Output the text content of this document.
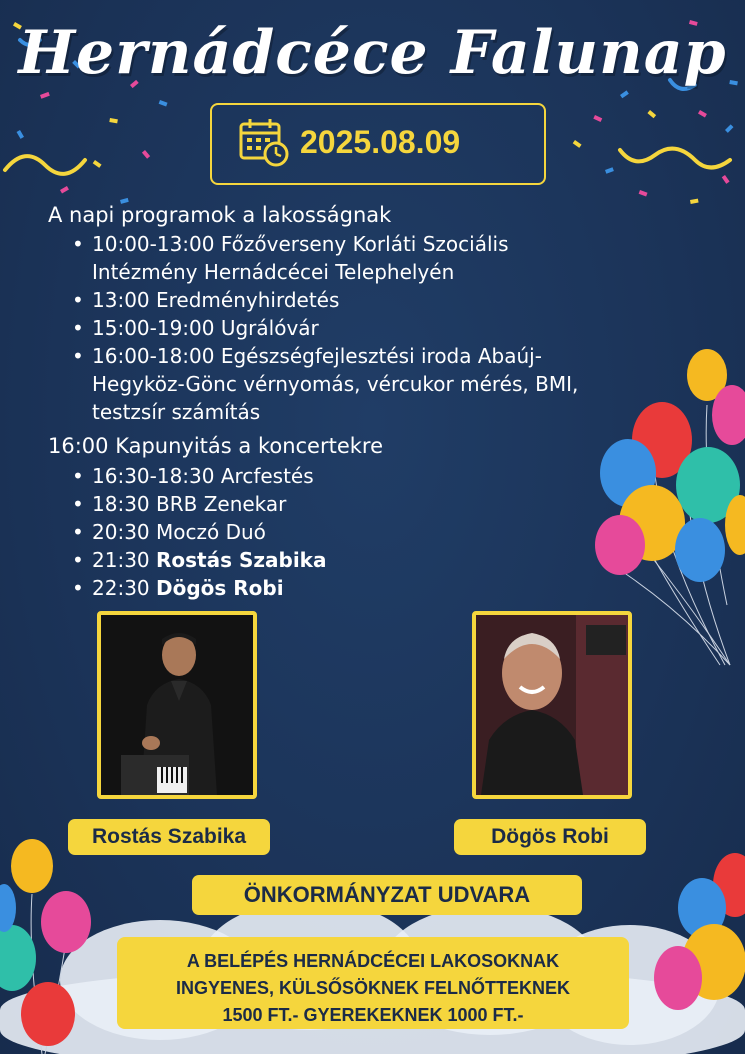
Hernádcéce Falunap
2025.08.09
A napi programok a lakosságnak
• 10:00-13:00 Főzőverseny Korláti Szociális
Intézmény Hernádcécei Telephelyén
• 13:00 Eredményhirdetés
• 15:00-19:00 Ugrálóvár
• 16:00-18:00 Egészségfejlesztési iroda Abaúj-
Hegyköz-Gönc vérnyomás, vércukor mérés, BMI,
testzsír számítás
16:00 Kapunyitás a koncertekre
• 16:30-18:30 Arcfestés
• 18:30 BRB Zenekar
• 20:30 Moczó Duó
• 21:30 Rostás Szabika
• 22:30 Dögös Robi
Rostás Szabika	Dögös Robi
ÖNKORMÁNYZAT UDVARA
A BELÉPÉS HERNÁDCÉCEI LAKOSOKNAK
INGYENES, KÜLSŐSÖKNEK FELNŐTTEKNEK
1500 FT.- GYEREKEKNEK 1000 FT.-
